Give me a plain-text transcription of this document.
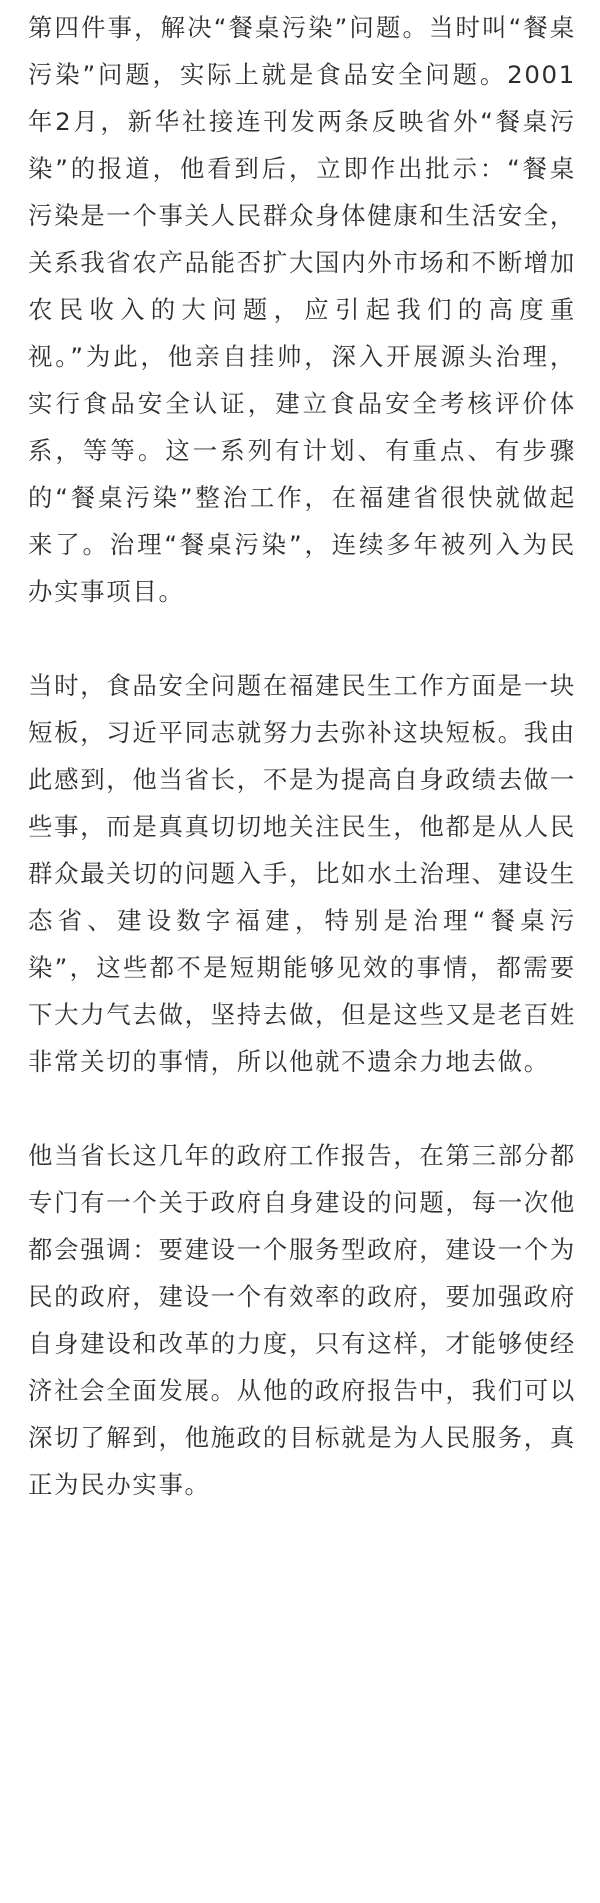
第四件事，解决“餐桌污染”问题。当时叫“餐桌污染”问题，实际上就是食品安全问题。2001年2月，新华社接连刊发两条反映省外“餐桌污染”的报道，他看到后，立即作出批示：“餐桌污染是一个事关人民群众身体健康和生活安全，关系我省农产品能否扩大国内外市场和不断增加农民收入的大问题，应引起我们的高度重视。”为此，他亲自挂帅，深入开展源头治理，实行食品安全认证，建立食品安全考核评价体系，等等。这一系列有计划、有重点、有步骤的“餐桌污染”整治工作，在福建省很快就做起来了。治理“餐桌污染”，连续多年被列入为民办实事项目。

当时，食品安全问题在福建民生工作方面是一块短板，习近平同志就努力去弥补这块短板。我由此感到，他当省长，不是为提高自身政绩去做一些事，而是真真切切地关注民生，他都是从人民群众最关切的问题入手，比如水土治理、建设生态省、建设数字福建，特别是治理“餐桌污染”，这些都不是短期能够见效的事情，都需要下大力气去做，坚持去做，但是这些又是老百姓非常关切的事情，所以他就不遗余力地去做。

他当省长这几年的政府工作报告，在第三部分都专门有一个关于政府自身建设的问题，每一次他都会强调：要建设一个服务型政府，建设一个为民的政府，建设一个有效率的政府，要加强政府自身建设和改革的力度，只有这样，才能够使经济社会全面发展。从他的政府报告中，我们可以深切了解到，他施政的目标就是为人民服务，真正为民办实事。
